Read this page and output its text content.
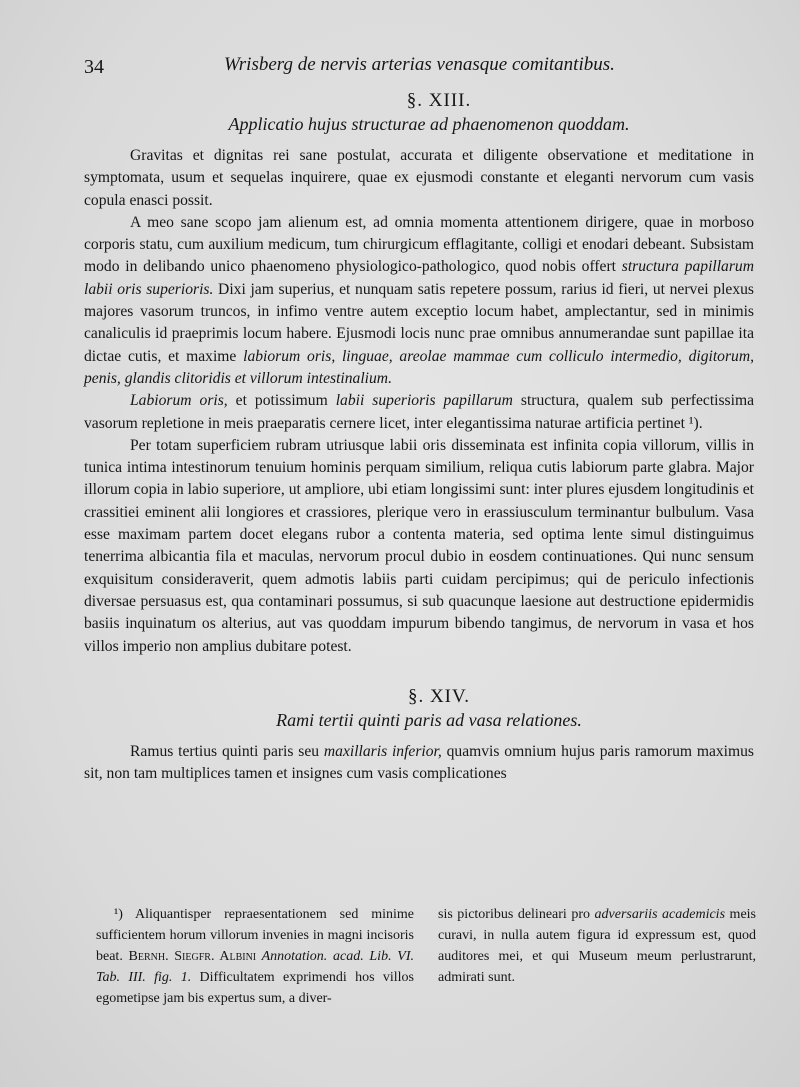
34	Wrisberg de nervis arterias venasque comitantibus.
§. XIII.
Applicatio hujus structurae ad phaenomenon quoddam.

Gravitas et dignitas rei sane postulat, accurata et diligente observatione et meditatione in symptomata, usum et sequelas inquirere, quae ex ejusmodi constante et eleganti nervorum cum vasis copula enasci possit.

A meo sane scopo jam alienum est, ad omnia momenta attentionem dirigere, quae in morboso corporis statu, cum auxilium medicum, tum chirurgicum efflagitante, colligi et enodari debeant. Subsistam modo in delibando unico phaenomeno physiologico-pathologico, quod nobis offert structura papillarum labii oris superioris. Dixi jam superius, et nunquam satis repetere possum, rarius id fieri, ut nervei plexus majores vasorum truncos, in infimo ventre autem exceptio locum habet, amplectantur, sed in minimis canaliculis id praeprimis locum habere. Ejusmodi locis nunc prae omnibus annumerandae sunt papillae ita dictae cutis, et maxime labiorum oris, linguae, areolae mammae cum colliculo intermedio, digitorum, penis, glandis clitoridis et villorum intestinalium.

Labiorum oris, et potissimum labii superioris papillarum structura, qualem sub perfectissima vasorum repletione in meis praeparatis cernere licet, inter elegantissima naturae artificia pertinet ¹).

Per totam superficiem rubram utriusque labii oris disseminata est infinita copia villorum, villis in tunica intima intestinorum tenuium hominis perquam similium, reliqua cutis labiorum parte glabra. Major illorum copia in labio superiore, ut ampliore, ubi etiam longissimi sunt: inter plures ejusdem longitudinis et crassitiei eminent alii longiores et crassiores, plerique vero in erassiusculum terminantur bulbulum. Vasa esse maximam partem docet elegans rubor a contenta materia, sed optima lente simul distinguimus tenerrima albicantia fila et maculas, nervorum procul dubio in eosdem continuationes. Qui nunc sensum exquisitum consideraverit, quem admotis labiis parti cuidam percipimus; qui de periculo infectionis diversae persuasus est, qua contaminari possumus, si sub quacunque laesione aut destructione epidermidis basiis inquinatum os alterius, aut vas quoddam impurum bibendo tangimus, de nervorum in vasa et hos villos imperio non amplius dubitare potest.

§. XIV.
Rami tertii quinti paris ad vasa relationes.

Ramus tertius quinti paris seu maxillaris inferior, quamvis omnium hujus paris ramorum maximus sit, non tam multiplices tamen et insignes cum vasis complicationes

¹) Aliquantisper repraesentationem sed minime sufficientem horum villorum invenies in magni incisoris beat. Bernh. Siegfr. Albini Annotation. acad. Lib. VI. Tab. III. fig. 1. Difficultatem exprimendi hos villos egometipse jam bis expertus sum, a diver-
sis pictoribus delineari pro adversariis academicis meis curavi, in nulla autem figura id expressum est, quod auditores mei, et qui Museum meum perlustrarunt, admirati sunt.
